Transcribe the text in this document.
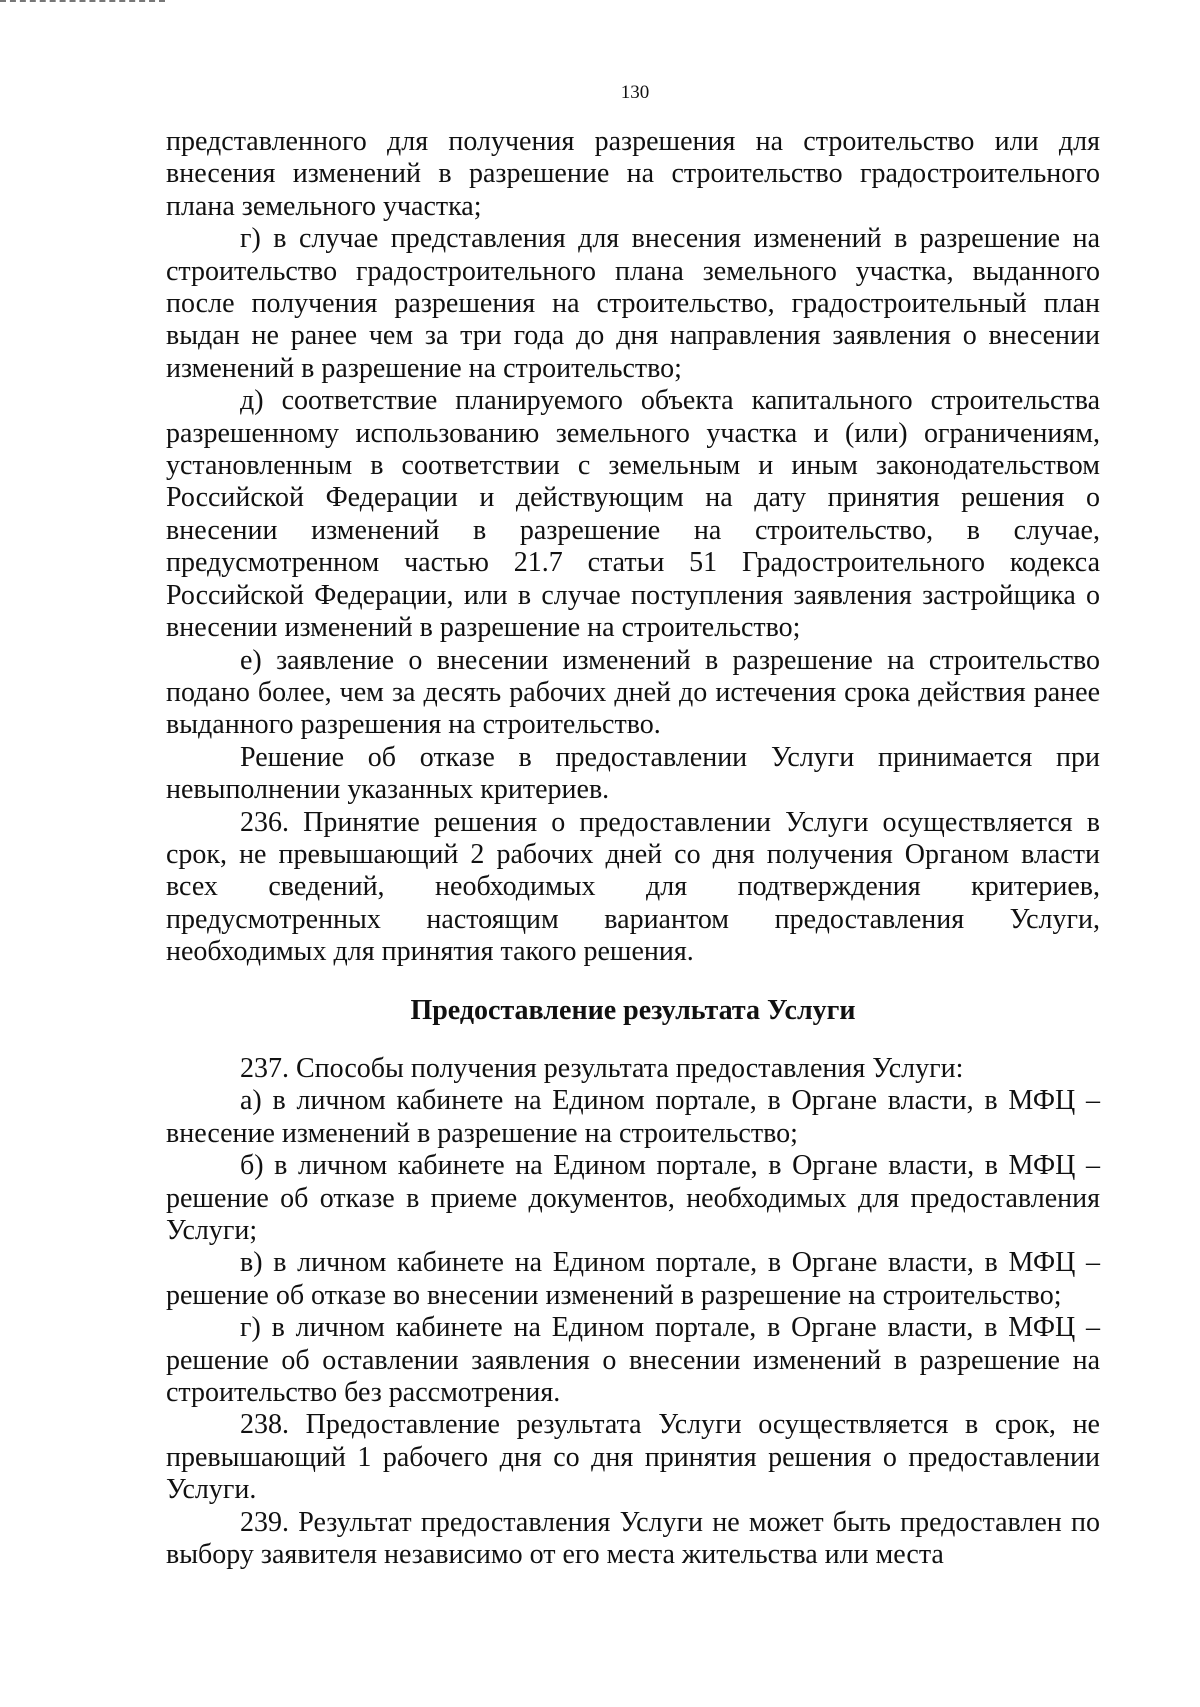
130

представленного для получения разрешения на строительство или для внесения изменений в разрешение на строительство градостроительного плана земельного участка;

г) в случае представления для внесения изменений в разрешение на строительство градостроительного плана земельного участка, выданного после получения разрешения на строительство, градостроительный план выдан не ранее чем за три года до дня направления заявления о внесении изменений в разрешение на строительство;

д) соответствие планируемого объекта капитального строительства разрешенному использованию земельного участка и (или) ограничениям, установленным в соответствии с земельным и иным законодательством Российской Федерации и действующим на дату принятия решения о внесении изменений в разрешение на строительство, в случае, предусмотренном частью 21.7 статьи 51 Градостроительного кодекса Российской Федерации, или в случае поступления заявления застройщика о внесении изменений в разрешение на строительство;

е) заявление о внесении изменений в разрешение на строительство подано более, чем за десять рабочих дней до истечения срока действия ранее выданного разрешения на строительство.

Решение об отказе в предоставлении Услуги принимается при невыполнении указанных критериев.

236. Принятие решения о предоставлении Услуги осуществляется в срок, не превышающий 2 рабочих дней со дня получения Органом власти всех сведений, необходимых для подтверждения критериев, предусмотренных настоящим вариантом предоставления Услуги, необходимых для принятия такого решения.

Предоставление результата Услуги

237. Способы получения результата предоставления Услуги:

а) в личном кабинете на Едином портале, в Органе власти, в МФЦ – внесение изменений в разрешение на строительство;

б) в личном кабинете на Едином портале, в Органе власти, в МФЦ – решение об отказе в приеме документов, необходимых для предоставления Услуги;

в) в личном кабинете на Едином портале, в Органе власти, в МФЦ – решение об отказе во внесении изменений в разрешение на строительство;

г) в личном кабинете на Едином портале, в Органе власти, в МФЦ – решение об оставлении заявления о внесении изменений в разрешение на строительство без рассмотрения.

238. Предоставление результата Услуги осуществляется в срок, не превышающий 1 рабочего дня со дня принятия решения о предоставлении Услуги.

239. Результат предоставления Услуги не может быть предоставлен по выбору заявителя независимо от его места жительства или места
